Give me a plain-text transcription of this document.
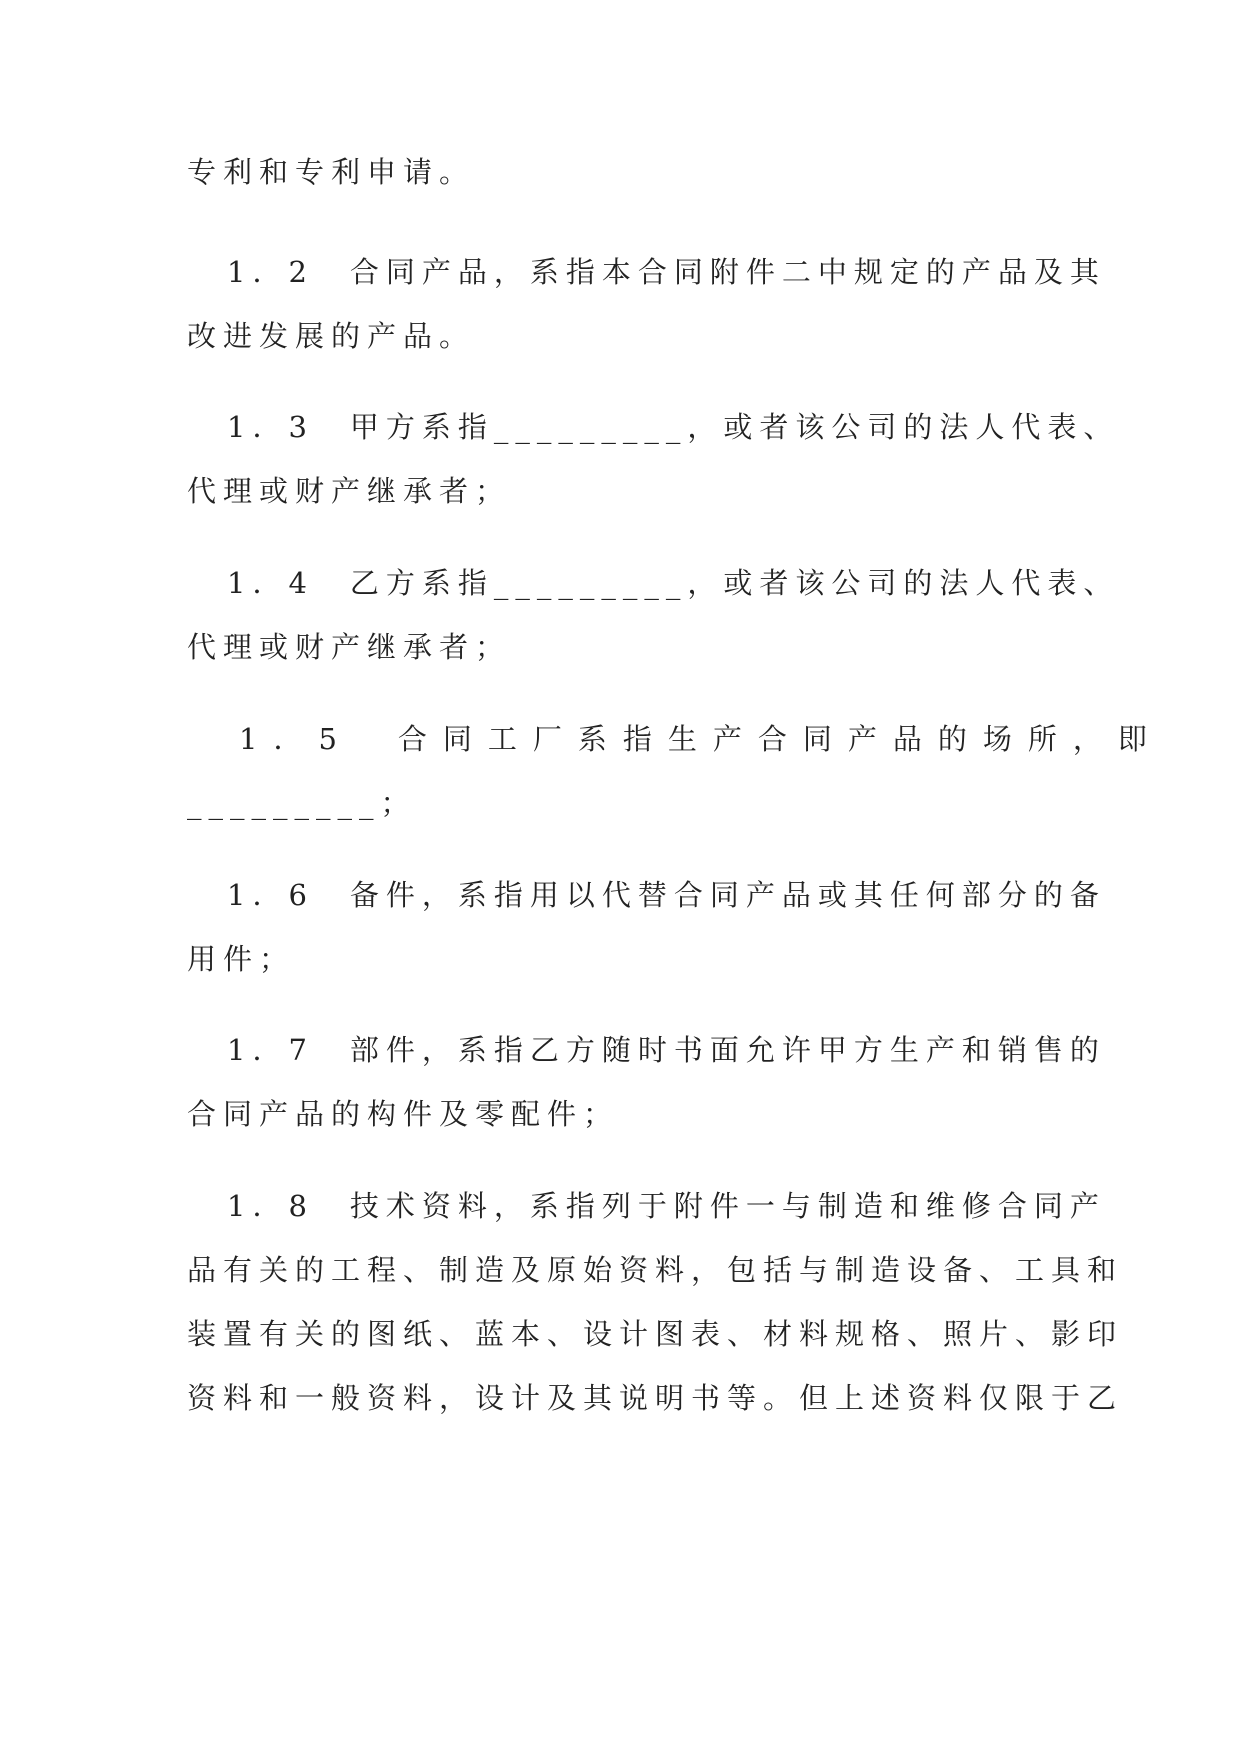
专利和专利申请。
1．2　合同产品，系指本合同附件二中规定的产品及其
改进发展的产品。
1．3　甲方系指_________，或者该公司的法人代表、
代理或财产继承者；
1．4　乙方系指_________，或者该公司的法人代表、
代理或财产继承者；
1．5　合同工厂系指生产合同产品的场所，即
_________；
1．6　备件，系指用以代替合同产品或其任何部分的备
用件；
1．7　部件，系指乙方随时书面允许甲方生产和销售的
合同产品的构件及零配件；
1．8　技术资料，系指列于附件一与制造和维修合同产
品有关的工程、制造及原始资料，包括与制造设备、工具和
装置有关的图纸、蓝本、设计图表、材料规格、照片、影印
资料和一般资料，设计及其说明书等。但上述资料仅限于乙
